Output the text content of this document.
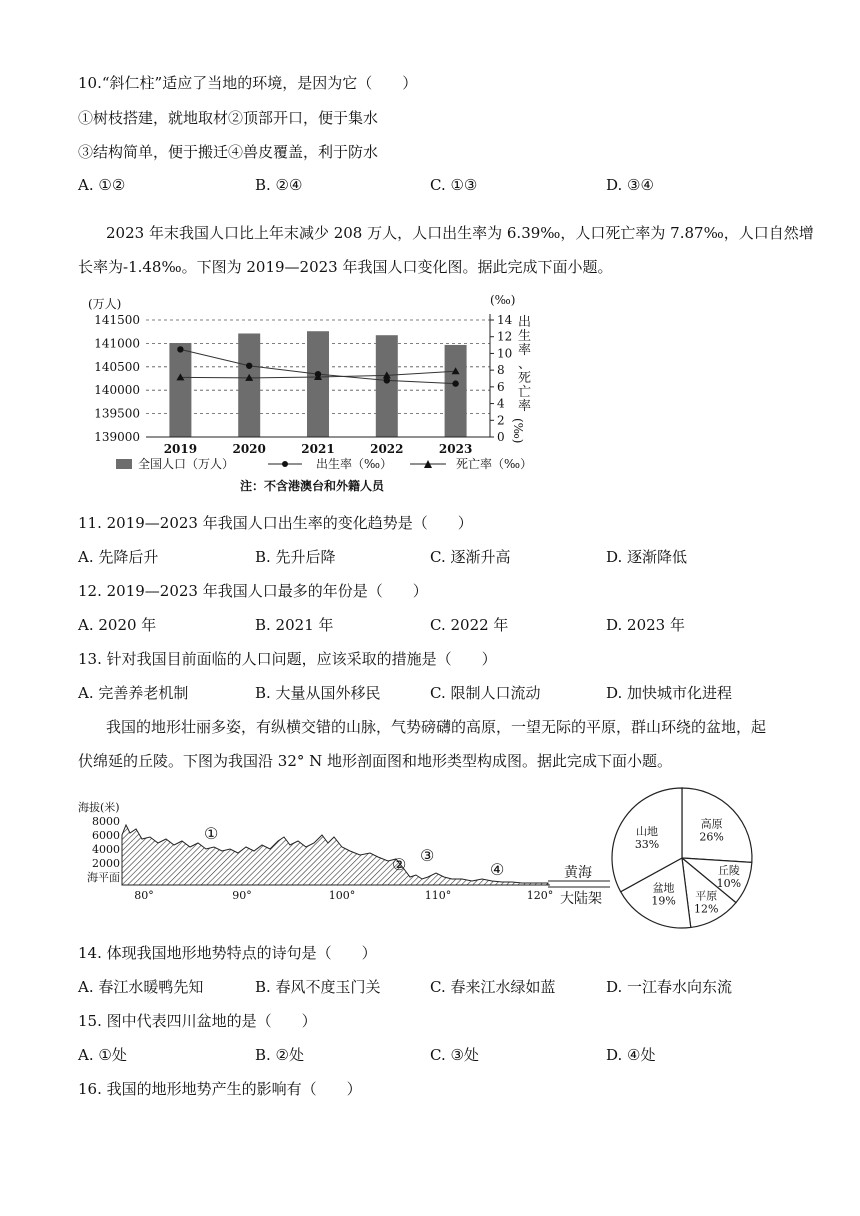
10.“斜仁柱”适应了当地的环境，是因为它（　　）
①树枝搭建，就地取材②顶部开口，便于集水
③结构简单，便于搬迁④兽皮覆盖，利于防水
A. ①②	B. ②④	C. ①③	D. ③④
2023 年末我国人口比上年末减少 208 万人，人口出生率为 6.39‰，人口死亡率为 7.87‰，人口自然增
长率为-1.48‰。下图为 2019—2023 年我国人口变化图。据此完成下面小题。
139000
139500
140000
140500
141000
141500
0
2
4
6
8
10
12
14
2019	2020	2021	2022	2023
(万人)	(‰)
出
生
率
、
死
亡
率
(‰)
全国人口（万人）	出生率（‰）	死亡率（‰）
注：不含港澳台和外籍人员
11. 2019—2023 年我国人口出生率的变化趋势是（　　）
A. 先降后升	B. 先升后降	C. 逐渐升高	D. 逐渐降低
12. 2019—2023 年我国人口最多的年份是（　　）
A. 2020 年	B. 2021 年	C. 2022 年	D. 2023 年
13. 针对我国目前面临的人口问题，应该采取的措施是（　　）
A. 完善养老机制	B. 大量从国外移民	C. 限制人口流动	D. 加快城市化进程
我国的地形壮丽多姿，有纵横交错的山脉，气势磅礴的高原，一望无际的平原，群山环绕的盆地，起
伏绵延的丘陵。下图为我国沿 32° N 地形剖面图和地形类型构成图。据此完成下面小题。
海拔(米)
8000
6000
4000
2000
海平面
80°	90°	100°	110°	120°
①
② ③
④	黄海
大陆架
高原
26%
丘陵
10%
平原
12%
盆地
19%
山地
33%
14. 体现我国地形地势特点的诗句是（　　）
A. 春江水暖鸭先知	B. 春风不度玉门关	C. 春来江水绿如蓝	D. 一江春水向东流
15. 图中代表四川盆地的是（　　）
A. ①处	B. ②处	C. ③处	D. ④处
16. 我国的地形地势产生的影响有（　　）
